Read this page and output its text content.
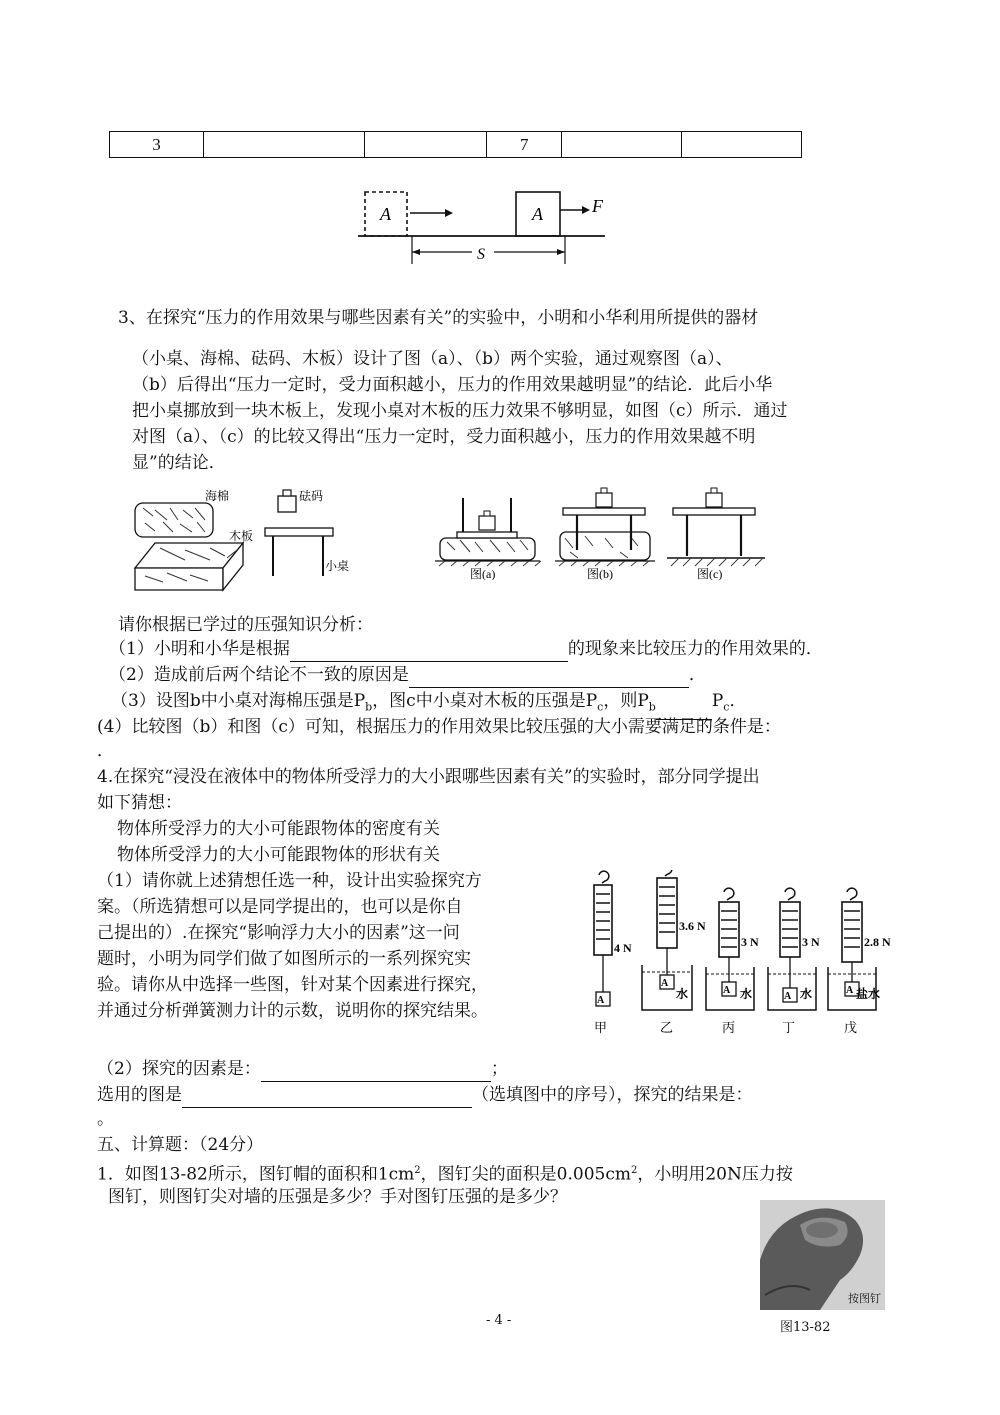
3			7		
A	A	F
S
3、在探究“压力的作用效果与哪些因素有关”的实验中，小明和小华利用所提供的器材
（小桌、海棉、砝码、木板）设计了图（a）、（b）两个实验，通过观察图（a）、
（b）后得出“压力一定时，受力面积越小，压力的作用效果越明显”的结论．此后小华
把小桌挪放到一块木板上，发现小桌对木板的压力效果不够明显，如图（c）所示．通过
对图（a）、（c）的比较又得出“压力一定时，受力面积越小，压力的作用效果越不明
显”的结论．
海棉
木板
砝码
小桌
图(a)	图(b)	图(c)
请你根据已学过的压强知识分析：
（1）小明和小华是根据	的现象来比较压力的作用效果的．
（2）造成前后两个结论不一致的原因是	．
（3）设图b中小桌对海棉压强是$P_b$，图c中小桌对木板的压强是$P_c$，则$P_b$	$P_c$．
(4）比较图（b）和图（c）可知，根据压力的作用效果比较压强的大小需要满足的条件是：
．
4.在探究“浸没在液体中的物体所受浮力的大小跟哪些因素有关”的实验时，部分同学提出
如下猜想：
物体所受浮力的大小可能跟物体的密度有关
物体所受浮力的大小可能跟物体的形状有关
（1）请你就上述猜想任选一种，设计出实验探究方
案。（所选猜想可以是同学提出的，也可以是你自
己提出的）.在探究“影响浮力大小的因素”这一问
题时，小明为同学们做了如图所示的一系列探究实
验。请你从中选择一些图，针对某个因素进行探究，
并通过分析弹簧测力计的示数，说明你的探究结果。
A
4 N
甲
A
3.6 N
水
乙
A
3 N
水
丙
A
3 N
水
丁
A
2.8 N
盐水
戊
（2）探究的因素是：	；
选用的图是	（选填图中的序号），探究的结果是：
。
五、计算题：（24分）
1．如图13-82所示，图钉帽的面积和$1cm^2$，图钉尖的面积是$0.005cm^2$，小明用20N压力按
图钉，则图钉尖对墙的压强是多少？手对图钉压强的是多少？
按图钉
图13-82
- 4 -
